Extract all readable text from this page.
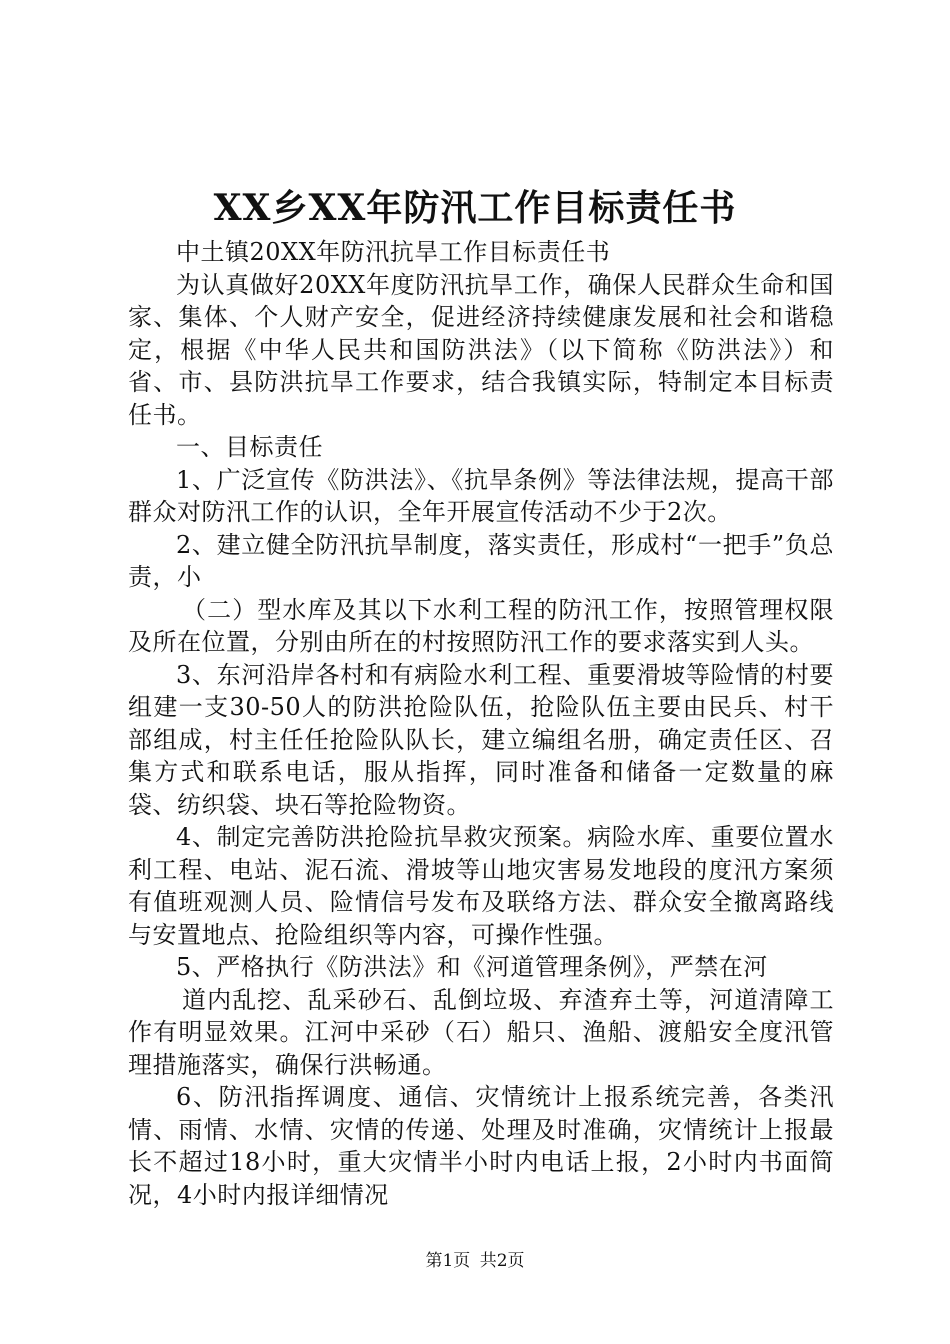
XX乡XX年防汛工作目标责任书

中土镇20XX年防汛抗旱工作目标责任书

为认真做好20XX年度防汛抗旱工作，确保人民群众生命和国家、集体、个人财产安全，促进经济持续健康发展和社会和谐稳定，根据《中华人民共和国防洪法》（以下简称《防洪法》）和省、市、县防洪抗旱工作要求，结合我镇实际，特制定本目标责任书。

一、目标责任

1、广泛宣传《防洪法》、《抗旱条例》等法律法规，提高干部群众对防汛工作的认识，全年开展宣传活动不少于2次。

2、建立健全防汛抗旱制度，落实责任，形成村“一把手”负总责，小

（二）型水库及其以下水利工程的防汛工作，按照管理权限及所在位置，分别由所在的村按照防汛工作的要求落实到人头。

3、东河沿岸各村和有病险水利工程、重要滑坡等险情的村要组建一支30-50人的防洪抢险队伍，抢险队伍主要由民兵、村干部组成，村主任任抢险队队长，建立编组名册，确定责任区、召集方式和联系电话，服从指挥，同时准备和储备一定数量的麻袋、纺织袋、块石等抢险物资。

4、制定完善防洪抢险抗旱救灾预案。病险水库、重要位置水利工程、电站、泥石流、滑坡等山地灾害易发地段的度汛方案须有值班观测人员、险情信号发布及联络方法、群众安全撤离路线与安置地点、抢险组织等内容，可操作性强。

5、严格执行《防洪法》和《河道管理条例》，严禁在河

道内乱挖、乱采砂石、乱倒垃圾、弃渣弃土等，河道清障工作有明显效果。江河中采砂（石）船只、渔船、渡船安全度汛管理措施落实，确保行洪畅通。

6、防汛指挥调度、通信、灾情统计上报系统完善，各类汛情、雨情、水情、灾情的传递、处理及时准确，灾情统计上报最长不超过18小时，重大灾情半小时内电话上报，2小时内书面简况，4小时内报详细情况

第1页 共2页
